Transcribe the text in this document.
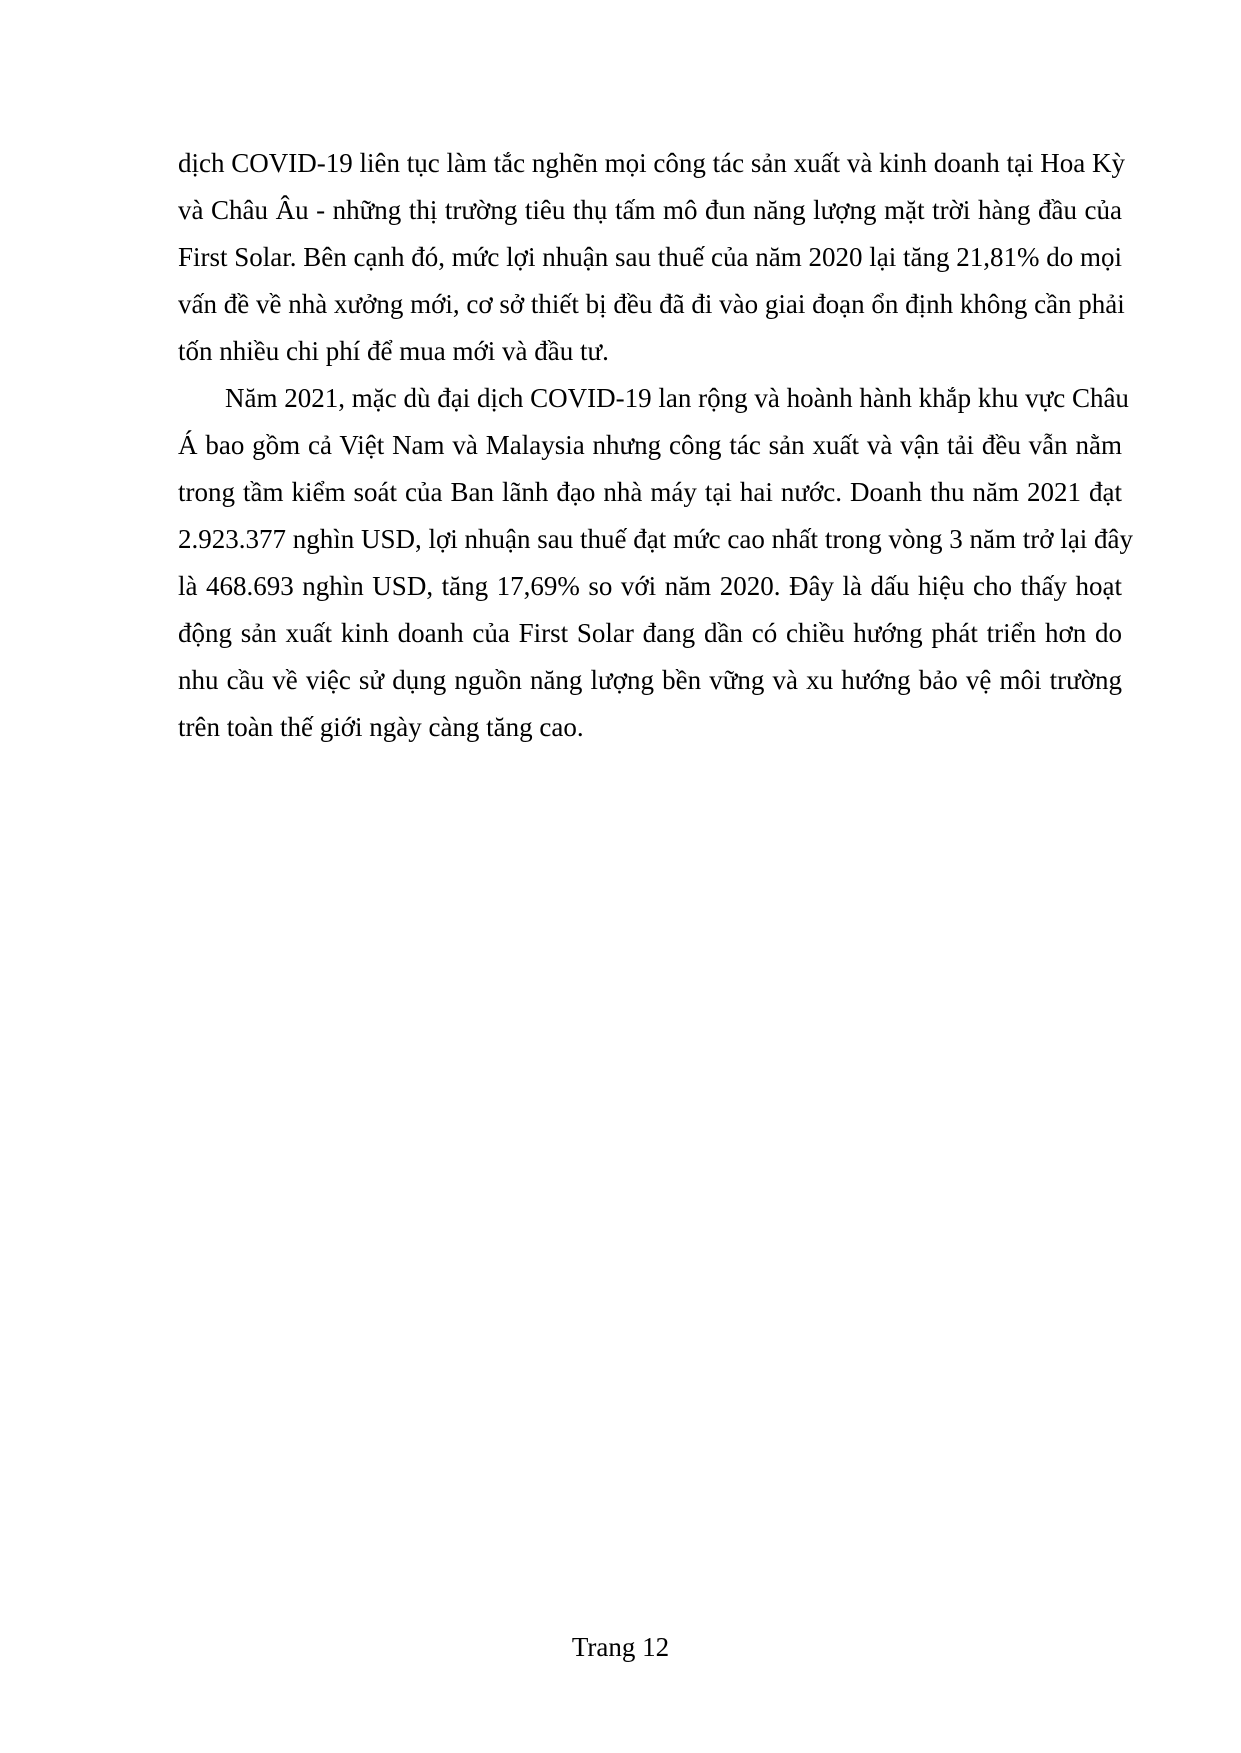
dịch COVID-19 liên tục làm tắc nghẽn mọi công tác sản xuất và kinh doanh tại Hoa Kỳ
và Châu Âu - những thị trường tiêu thụ tấm mô đun năng lượng mặt trời hàng đầu của
First Solar. Bên cạnh đó, mức lợi nhuận sau thuế của năm 2020 lại tăng 21,81% do mọi
vấn đề về nhà xưởng mới, cơ sở thiết bị đều đã đi vào giai đoạn ổn định không cần phải
tốn nhiều chi phí để mua mới và đầu tư.
Năm 2021, mặc dù đại dịch COVID-19 lan rộng và hoành hành khắp khu vực Châu
Á bao gồm cả Việt Nam và Malaysia nhưng công tác sản xuất và vận tải đều vẫn nằm
trong tầm kiểm soát của Ban lãnh đạo nhà máy tại hai nước. Doanh thu năm 2021 đạt
2.923.377 nghìn USD, lợi nhuận sau thuế đạt mức cao nhất trong vòng 3 năm trở lại đây
là 468.693 nghìn USD, tăng 17,69% so với năm 2020. Đây là dấu hiệu cho thấy hoạt
động sản xuất kinh doanh của First Solar đang dần có chiều hướng phát triển hơn do
nhu cầu về việc sử dụng nguồn năng lượng bền vững và xu hướng bảo vệ môi trường
trên toàn thế giới ngày càng tăng cao.
Trang 12
